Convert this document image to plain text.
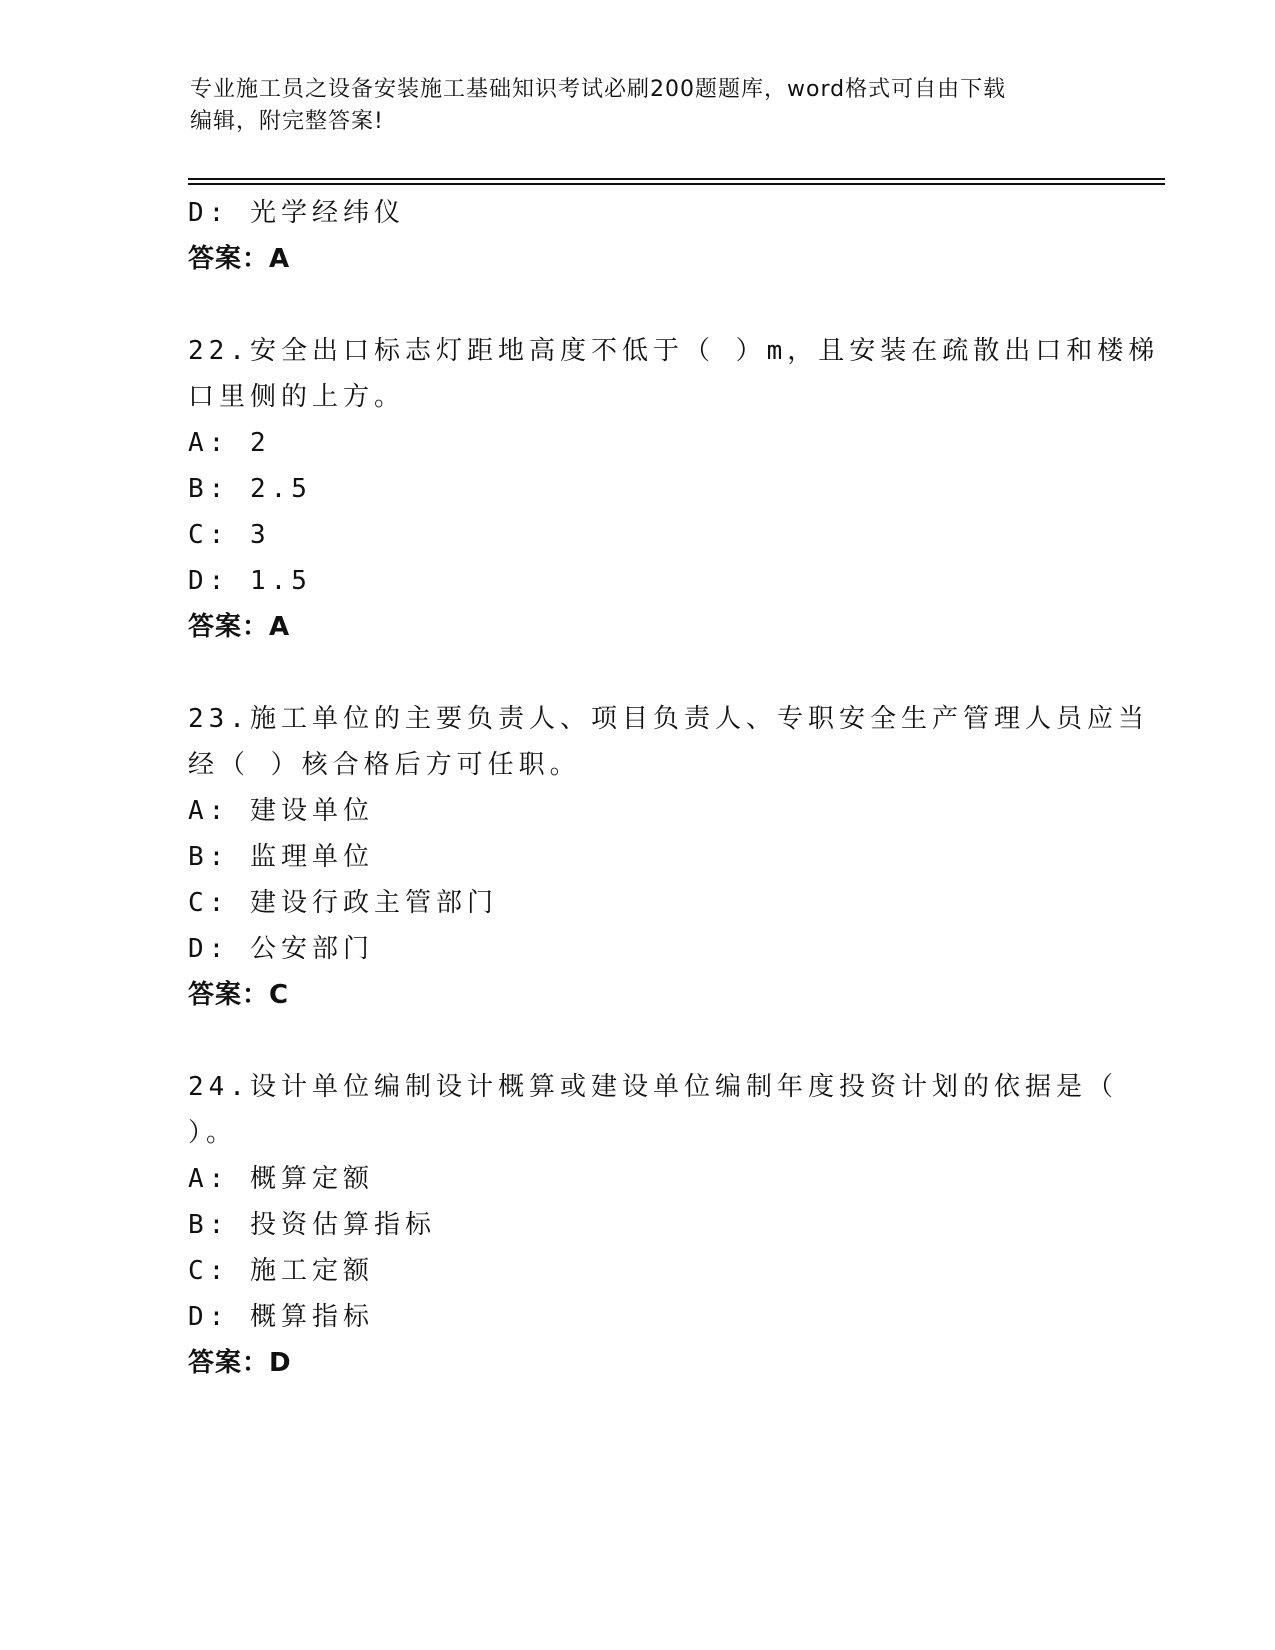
专业施工员之设备安装施工基础知识考试必刷200题题库，word格式可自由下载
编辑，附完整答案!
D: 光学经纬仪
答案：A
22.安全出口标志灯距地高度不低于（ ）m，且安装在疏散出口和楼梯
口里侧的上方。
A: 2
B: 2.5
C: 3
D: 1.5
答案：A
23.施工单位的主要负责人、项目负责人、专职安全生产管理人员应当
经（ ）核合格后方可任职。
A: 建设单位
B: 监理单位
C: 建设行政主管部门
D: 公安部门
答案：C
24.设计单位编制设计概算或建设单位编制年度投资计划的依据是（
）。
A: 概算定额
B: 投资估算指标
C: 施工定额
D: 概算指标
答案：D
